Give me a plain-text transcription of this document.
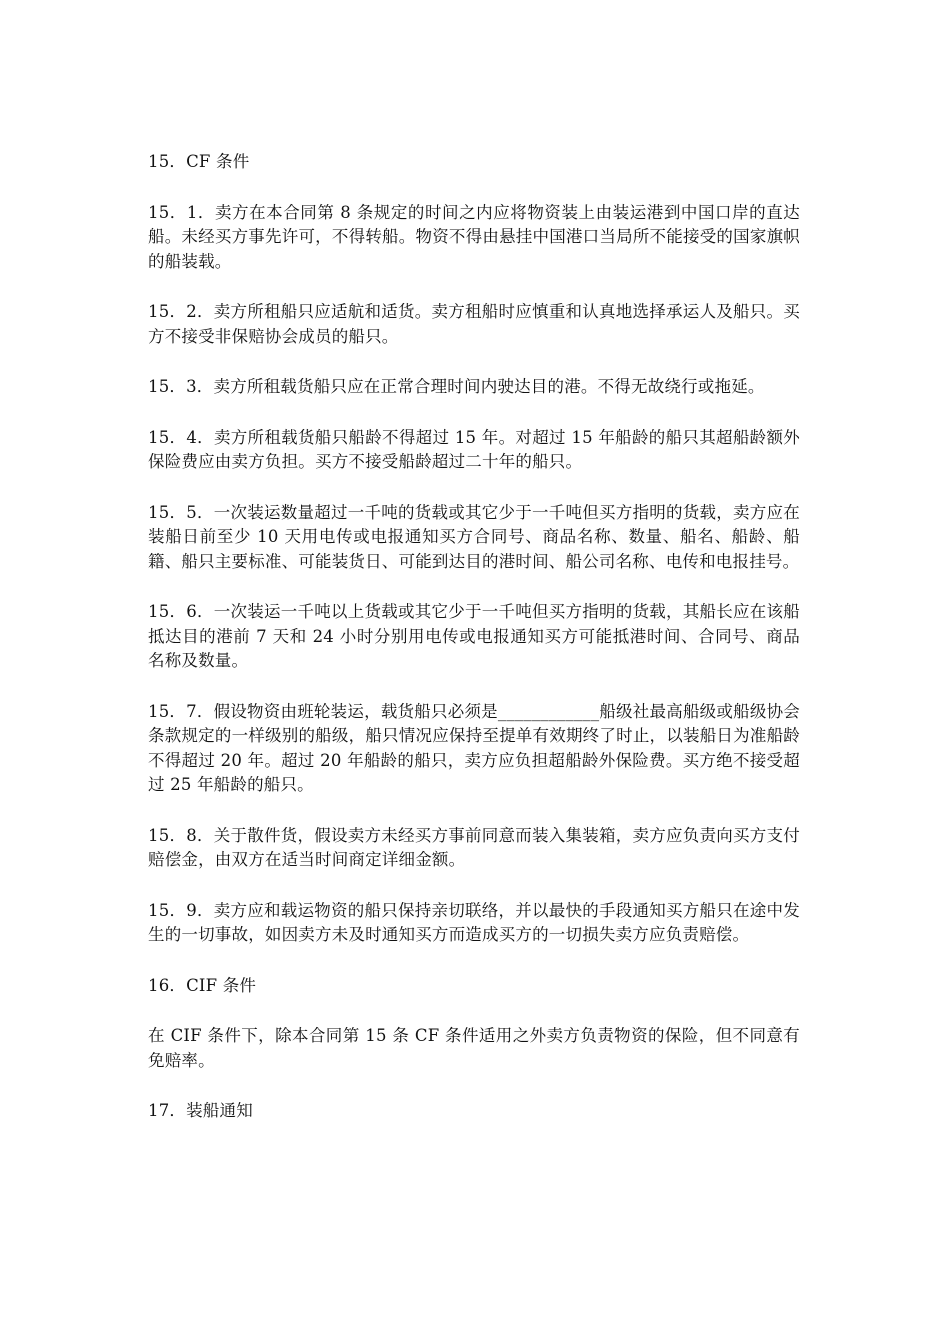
15．CF 条件

15．1．卖方在本合同第 8 条规定的时间之内应将物资装上由装运港到中国口岸的直达船。未经买方事先许可，不得转船。物资不得由悬挂中国港口当局所不能接受的国家旗帜的船装载。

15．2．卖方所租船只应适航和适货。卖方租船时应慎重和认真地选择承运人及船只。买方不接受非保赔协会成员的船只。

15．3．卖方所租载货船只应在正常合理时间内驶达目的港。不得无故绕行或拖延。

15．4．卖方所租载货船只船龄不得超过 15 年。对超过 15 年船龄的船只其超船龄额外保险费应由卖方负担。买方不接受船龄超过二十年的船只。

15．5．一次装运数量超过一千吨的货载或其它少于一千吨但买方指明的货载，卖方应在装船日前至少 10 天用电传或电报通知买方合同号、商品名称、数量、船名、船龄、船籍、船只主要标准、可能装货日、可能到达目的港时间、船公司名称、电传和电报挂号。

15．6．一次装运一千吨以上货载或其它少于一千吨但买方指明的货载，其船长应在该船抵达目的港前 7 天和 24 小时分别用电传或电报通知买方可能抵港时间、合同号、商品名称及数量。

15．7．假设物资由班轮装运，载货船只必须是____________船级社最高船级或船级协会条款规定的一样级别的船级，船只情况应保持至提单有效期终了时止，以装船日为准船龄不得超过 20 年。超过 20 年船龄的船只，卖方应负担超船龄外保险费。买方绝不接受超过 25 年船龄的船只。

15．8．关于散件货，假设卖方未经买方事前同意而装入集装箱，卖方应负责向买方支付赔偿金，由双方在适当时间商定详细金额。

15．9．卖方应和载运物资的船只保持亲切联络，并以最快的手段通知买方船只在途中发生的一切事故，如因卖方未及时通知买方而造成买方的一切损失卖方应负责赔偿。

16．CIF 条件

在 CIF 条件下，除本合同第 15 条 CF 条件适用之外卖方负责物资的保险，但不同意有免赔率。

17．装船通知
